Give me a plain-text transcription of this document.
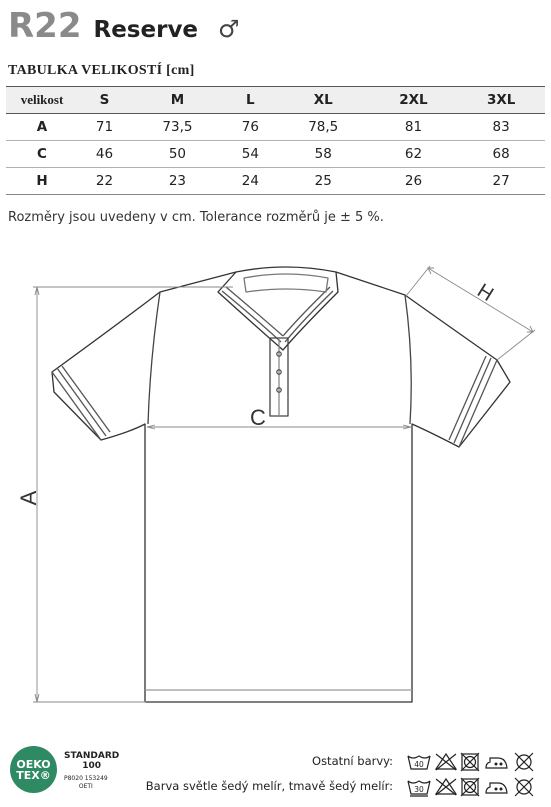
R22 Reserve ♂
TABULKA VELIKOSTÍ [cm]
velikost	S	M	L	XL	2XL	3XL
A	71	73,5	76	78,5	81	83
C	46	50	54	58	62	68
H	22	23	24	25	26	27
Rozměry jsou uvedeny v cm. Tolerance rozměrů je ± 5 %.
A
C
H
OEKO
TEX®
STANDARD
100
P8020 153249
OETI
Ostatní barvy:
Barva světle šedý melír, tmavě šedý melír:
40
30
